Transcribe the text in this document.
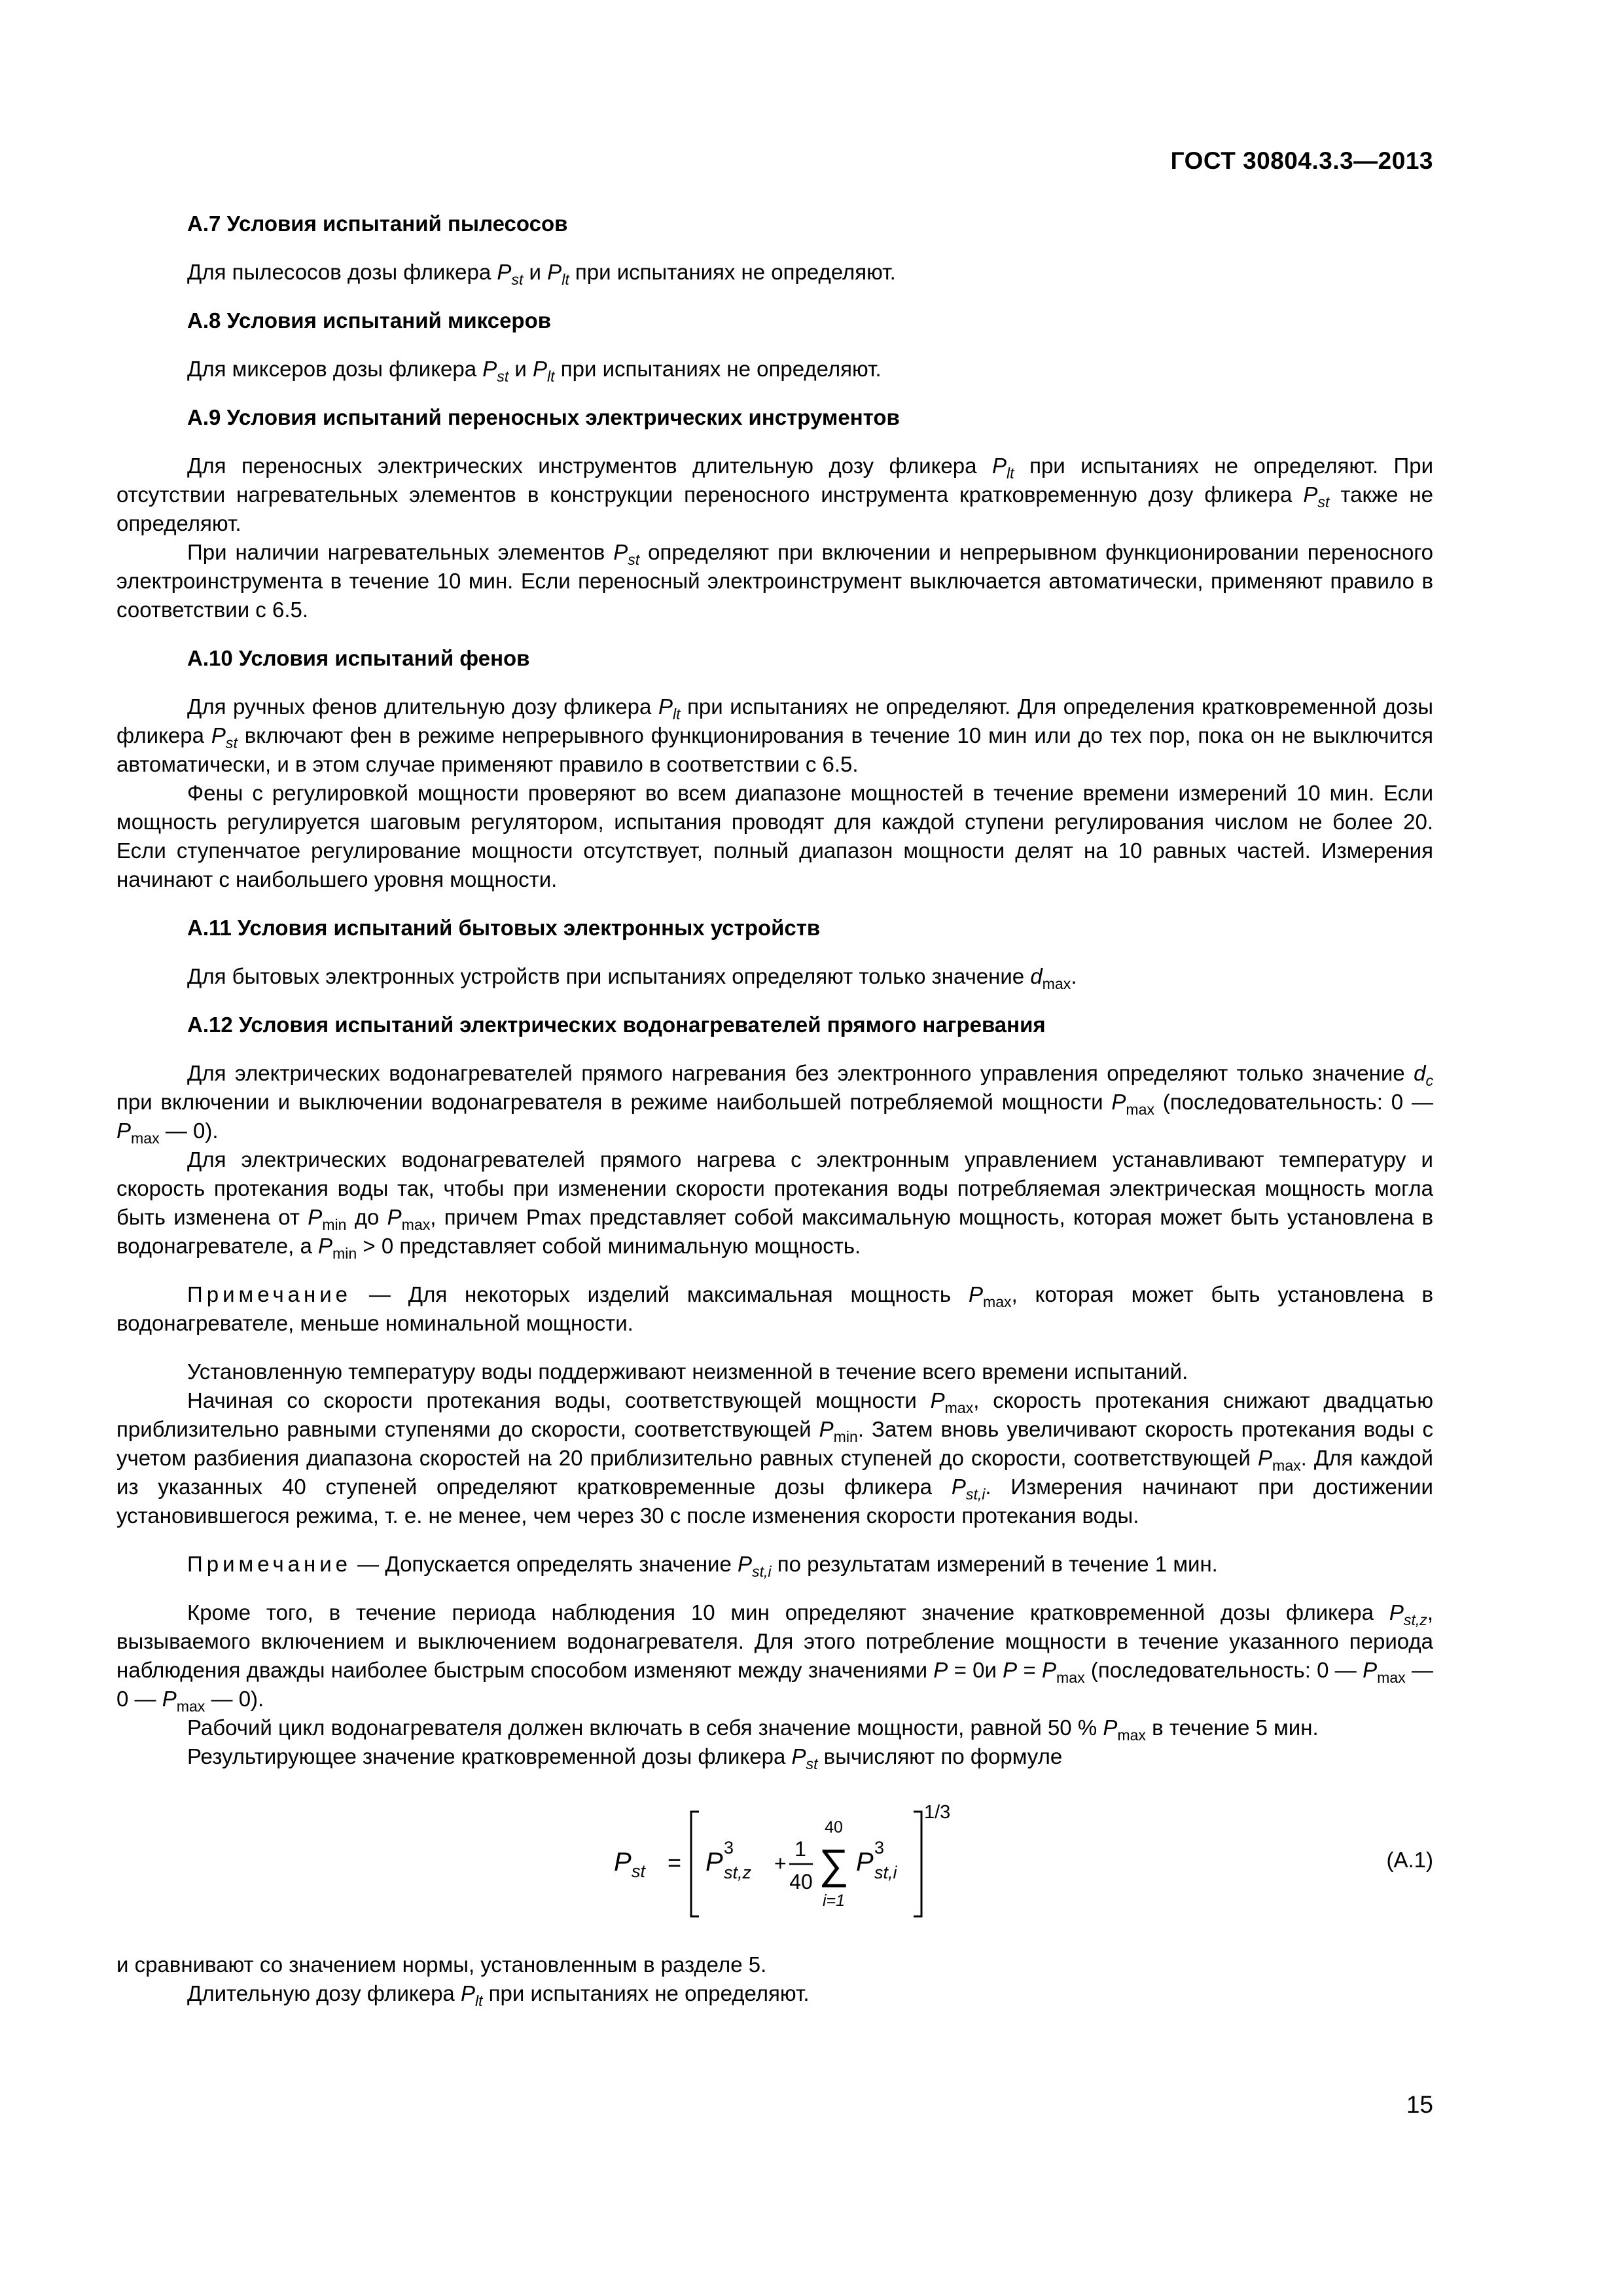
ГОСТ 30804.3.3—2013
А.7 Условия испытаний пылесосов

Для пылесосов дозы фликера $P_{st}$ и $P_{lt}$ при испытаниях не определяют.

А.8 Условия испытаний миксеров

Для миксеров дозы фликера $P_{st}$ и $P_{lt}$ при испытаниях не определяют.

А.9 Условия испытаний переносных электрических инструментов

Для переносных электрических инструментов длительную дозу фликера $P_{lt}$ при испытаниях не определяют. При отсутствии нагревательных элементов в конструкции переносного инструмента кратковременную дозу фликера $P_{st}$ также не определяют.

При наличии нагревательных элементов $P_{st}$ определяют при включении и непрерывном функционировании переносного электроинструмента в течение 10 мин. Если переносный электроинструмент выключается автоматически, применяют правило в соответствии с 6.5.

А.10 Условия испытаний фенов

Для ручных фенов длительную дозу фликера $P_{lt}$ при испытаниях не определяют. Для определения кратковременной дозы фликера $P_{st}$ включают фен в режиме непрерывного функционирования в течение 10 мин или до тех пор, пока он не выключится автоматически, и в этом случае применяют правило в соответствии с 6.5.

Фены с регулировкой мощности проверяют во всем диапазоне мощностей в течение времени измерений 10 мин. Если мощность регулируется шаговым регулятором, испытания проводят для каждой ступени регулирования числом не более 20. Если ступенчатое регулирование мощности отсутствует, полный диапазон мощности делят на 10 равных частей. Измерения начинают с наибольшего уровня мощности.

А.11 Условия испытаний бытовых электронных устройств

Для бытовых электронных устройств при испытаниях определяют только значение $d_{max}$.

А.12 Условия испытаний электрических водонагревателей прямого нагревания

Для электрических водонагревателей прямого нагревания без электронного управления определяют только значение $d_c$ при включении и выключении водонагревателя в режиме наибольшей потребляемой мощности $P_{max}$ (последовательность: 0 — $P_{max}$ — 0).

Для электрических водонагревателей прямого нагрева с электронным управлением устанавливают температуру и скорость протекания воды так, чтобы при изменении скорости протекания воды потребляемая электрическая мощность могла быть изменена от $P_{min}$ до $P_{max}$, причем Pmax представляет собой максимальную мощность, которая может быть установлена в водонагревателе, а $P_{min} > 0$ представляет собой минимальную мощность.

Примечание — Для некоторых изделий максимальная мощность $P_{max}$, которая может быть установлена в водонагревателе, меньше номинальной мощности.

Установленную температуру воды поддерживают неизменной в течение всего времени испытаний.

Начиная со скорости протекания воды, соответствующей мощности $P_{max}$, скорость протекания снижают двадцатью приблизительно равными ступенями до скорости, соответствующей $P_{min}$. Затем вновь увеличивают скорость протекания воды с учетом разбиения диапазона скоростей на 20 приблизительно равных ступеней до скорости, соответствующей $P_{max}$. Для каждой из указанных 40 ступеней определяют кратковременные дозы фликера $P_{st,i}$. Измерения начинают при достижении установившегося режима, т. е. не менее, чем через 30 с после изменения скорости протекания воды.

Примечание — Допускается определять значение $P_{st,i}$ по результатам измерений в течение 1 мин.

Кроме того, в течение периода наблюдения 10 мин определяют значение кратковременной дозы фликера $P_{st,z}$, вызываемого включением и выключением водонагревателя. Для этого потребление мощности в течение указанного периода наблюдения дважды наиболее быстрым способом изменяют между значениями P = 0и $P = P_{max}$ (последовательность: 0 — $P_{max}$ — 0 — $P_{max}$ — 0).

Рабочий цикл водонагревателя должен включать в себя значение мощности, равной 50 % $P_{max}$ в течение 5 мин.

Результирующее значение кратковременной дозы фликера $P_{st}$ вычисляют по формуле

P st = P 3
st,z +
1
40
40
∑
i=1
P 3
st,i
1/3
(А.1)

и сравнивают со значением нормы, установленным в разделе 5.

Длительную дозу фликера $P_{lt}$ при испытаниях не определяют.

15
